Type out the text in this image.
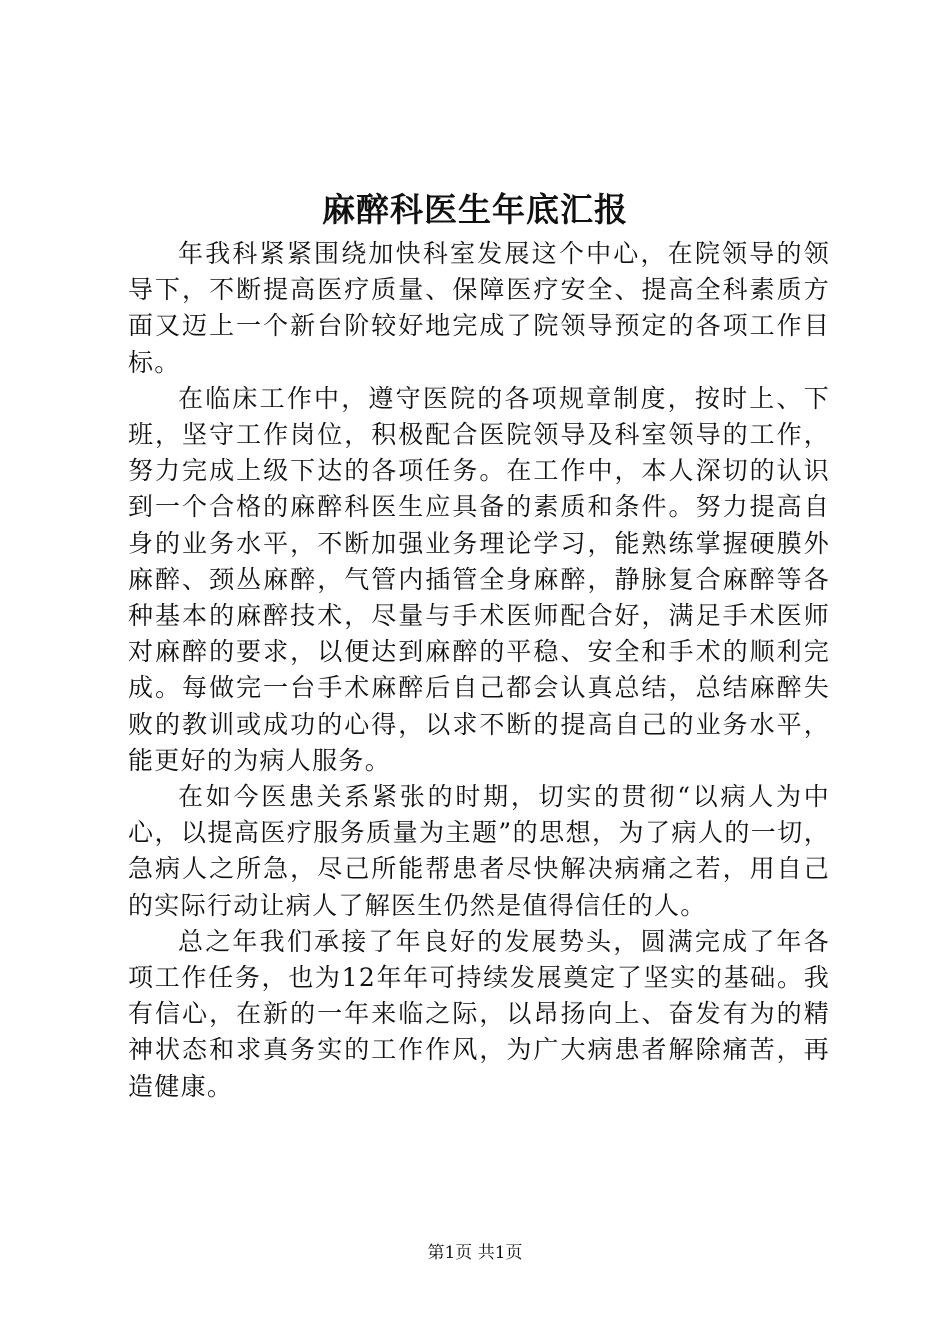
麻醉科医生年底汇报

年我科紧紧围绕加快科室发展这个中心，在院领导的领导下，不断提高医疗质量、保障医疗安全、提高全科素质方面又迈上一个新台阶较好地完成了院领导预定的各项工作目标。

在临床工作中，遵守医院的各项规章制度，按时上、下班，坚守工作岗位，积极配合医院领导及科室领导的工作，努力完成上级下达的各项任务。在工作中，本人深切的认识到一个合格的麻醉科医生应具备的素质和条件。努力提高自身的业务水平，不断加强业务理论学习，能熟练掌握硬膜外麻醉、颈丛麻醉，气管内插管全身麻醉，静脉复合麻醉等各种基本的麻醉技术，尽量与手术医师配合好，满足手术医师对麻醉的要求，以便达到麻醉的平稳、安全和手术的顺利完成。每做完一台手术麻醉后自己都会认真总结，总结麻醉失败的教训或成功的心得，以求不断的提高自己的业务水平，能更好的为病人服务。

在如今医患关系紧张的时期，切实的贯彻“以病人为中心，以提高医疗服务质量为主题”的思想，为了病人的一切，急病人之所急，尽己所能帮患者尽快解决病痛之若，用自己的实际行动让病人了解医生仍然是值得信任的人。

总之年我们承接了年良好的发展势头，圆满完成了年各项工作任务，也为12年年可持续发展奠定了坚实的基础。我有信心，在新的一年来临之际，以昂扬向上、奋发有为的精神状态和求真务实的工作作风，为广大病患者解除痛苦，再造健康。

第1页 共1页
